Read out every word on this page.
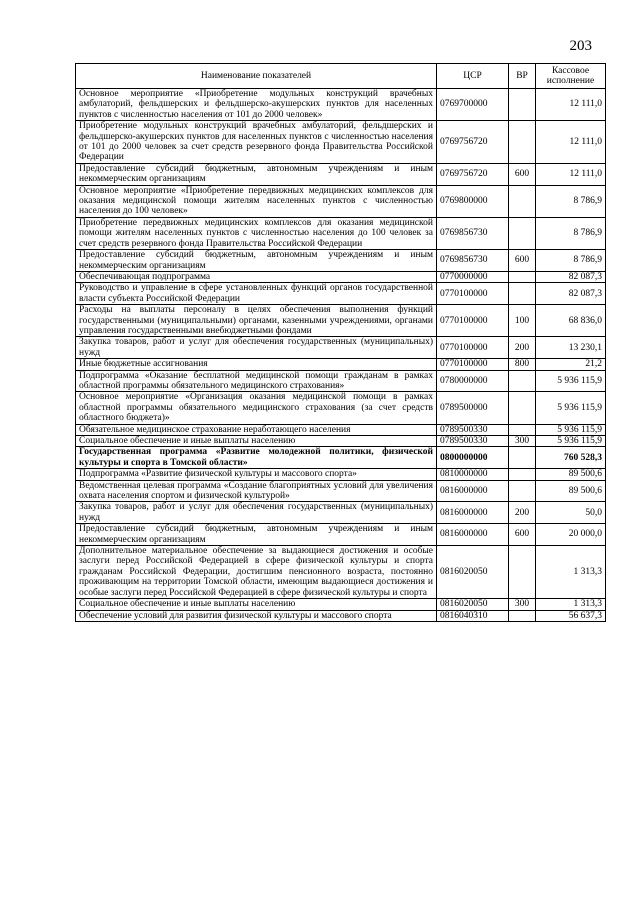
203
Наименование показателей	ЦСР	ВР	Кассовое исполнение
Основное мероприятие «Приобретение модульных конструкций врачебных амбулаторий, фельдшерских и фельдшерско-акушерских пунктов для населенных пунктов с численностью населения от 101 до 2000 человек»	0769700000		12 111,0
Приобретение модульных конструкций врачебных амбулаторий, фельдшерских и фельдшерско-акушерских пунктов для населенных пунктов с численностью населения от 101 до 2000 человек за счет средств резервного фонда Правительства Российской Федерации	0769756720		12 111,0
Предоставление субсидий бюджетным, автономным учреждениям и иным некоммерческим организациям	0769756720	600	12 111,0
Основное мероприятие «Приобретение передвижных медицинских комплексов для оказания медицинской помощи жителям населенных пунктов с численностью населения до 100 человек»	0769800000		8 786,9
Приобретение передвижных медицинских комплексов для оказания медицинской помощи жителям населенных пунктов с численностью населения до 100 человек за счет средств резервного фонда Правительства Российской Федерации	0769856730		8 786,9
Предоставление субсидий бюджетным, автономным учреждениям и иным некоммерческим организациям	0769856730	600	8 786,9
Обеспечивающая подпрограмма	0770000000		82 087,3
Руководство и управление в сфере установленных функций органов государственной власти субъекта Российской Федерации	0770100000		82 087,3
Расходы на выплаты персоналу в целях обеспечения выполнения функций государственными (муниципальными) органами, казенными учреждениями, органами управления государственными внебюджетными фондами	0770100000	100	68 836,0
Закупка товаров, работ и услуг для обеспечения государственных (муниципальных) нужд	0770100000	200	13 230,1
Иные бюджетные ассигнования	0770100000	800	21,2
Подпрограмма «Оказание бесплатной медицинской помощи гражданам в рамках областной программы обязательного медицинского страхования»	0780000000		5 936 115,9
Основное мероприятие «Организация оказания медицинской помощи в рамках областной программы обязательного медицинского страхования (за счет средств областного бюджета)»	0789500000		5 936 115,9
Обязательное медицинское страхование неработающего населения	0789500330		5 936 115,9
Социальное обеспечение и иные выплаты населению	0789500330	300	5 936 115,9
Государственная программа «Развитие молодежной политики, физической культуры и спорта в Томской области»	0800000000		760 528,3
Подпрограмма «Развитие физической культуры и массового спорта»	0810000000		89 500,6
Ведомственная целевая программа «Создание благоприятных условий для увеличения охвата населения спортом и физической культурой»	0816000000		89 500,6
Закупка товаров, работ и услуг для обеспечения государственных (муниципальных) нужд	0816000000	200	50,0
Предоставление субсидий бюджетным, автономным учреждениям и иным некоммерческим организациям	0816000000	600	20 000,0
Дополнительное материальное обеспечение за выдающиеся достижения и особые заслуги перед Российской Федерацией в сфере физической культуры и спорта гражданам Российской Федерации, достигшим пенсионного возраста, постоянно проживающим на территории Томской области, имеющим выдающиеся достижения и особые заслуги перед Российской Федерацией в сфере физической культуры и спорта	0816020050		1 313,3
Социальное обеспечение и иные выплаты населению	0816020050	300	1 313,3
Обеспечение условий для развития физической культуры и массового спорта	0816040310		56 637,3
